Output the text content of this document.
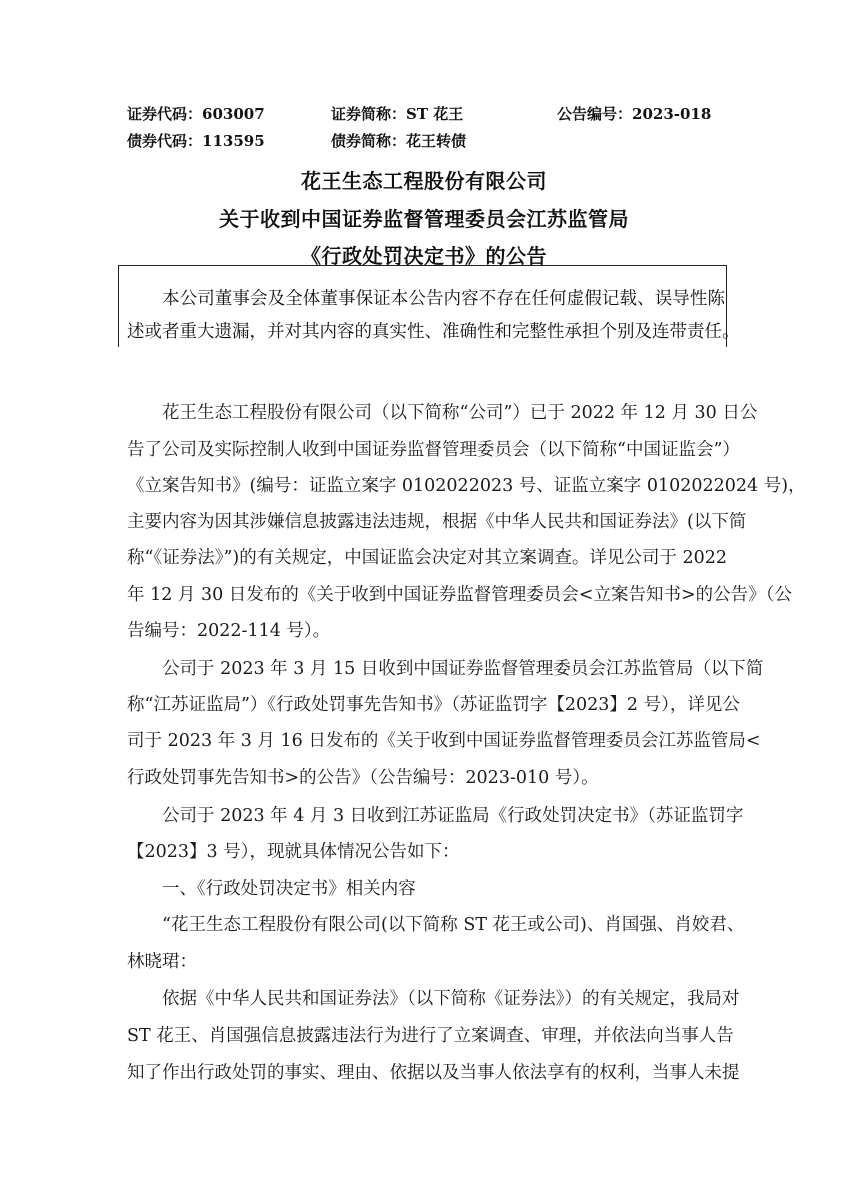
证券代码：603007	证券简称：ST 花王	公告编号：2023-018
债券代码：113595	债券简称：花王转债
花王生态工程股份有限公司
关于收到中国证券监督管理委员会江苏监管局
《行政处罚决定书》的公告
本公司董事会及全体董事保证本公告内容不存在任何虚假记载、误导性陈
述或者重大遗漏，并对其内容的真实性、准确性和完整性承担个别及连带责任。
花王生态工程股份有限公司（以下简称“公司”）已于 2022 年 12 月 30 日公
告了公司及实际控制人收到中国证券监督管理委员会（以下简称“中国证监会”）
《立案告知书》(编号：证监立案字 0102022023 号、证监立案字 0102022024 号)，
主要内容为因其涉嫌信息披露违法违规，根据《中华人民共和国证券法》(以下简
称“《证券法》”)的有关规定，中国证监会决定对其立案调查。详见公司于 2022
年 12 月 30 日发布的《关于收到中国证券监督管理委员会<立案告知书>的公告》（公
告编号：2022-114 号）。
公司于 2023 年 3 月 15 日收到中国证券监督管理委员会江苏监管局（以下简
称“江苏证监局”）《行政处罚事先告知书》（苏证监罚字【2023】2 号），详见公
司于 2023 年 3 月 16 日发布的《关于收到中国证券监督管理委员会江苏监管局<
行政处罚事先告知书>的公告》（公告编号：2023-010 号）。
公司于 2023 年 4 月 3 日收到江苏证监局《行政处罚决定书》（苏证监罚字
【2023】3 号），现就具体情况公告如下：
一、《行政处罚决定书》相关内容
“花王生态工程股份有限公司(以下简称 ST 花王或公司)、肖国强、肖姣君、
林晓珺：
依据《中华人民共和国证券法》（以下简称《证券法》）的有关规定，我局对
ST 花王、肖国强信息披露违法行为进行了立案调查、审理，并依法向当事人告
知了作出行政处罚的事实、理由、依据以及当事人依法享有的权利，当事人未提
